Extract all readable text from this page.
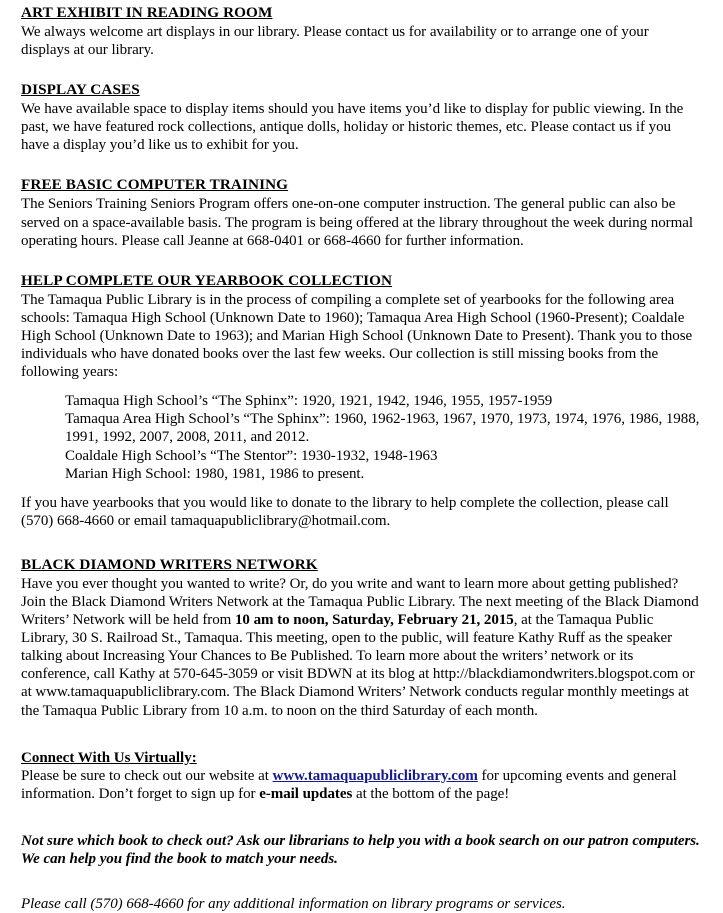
ART EXHIBIT IN READING ROOM

We always welcome art displays in our library. Please contact us for availability or to arrange one of your displays at our library.

DISPLAY CASES

We have available space to display items should you have items you’d like to display for public viewing. In the past, we have featured rock collections, antique dolls, holiday or historic themes, etc. Please contact us if you have a display you’d like us to exhibit for you.

FREE BASIC COMPUTER TRAINING

The Seniors Training Seniors Program offers one-on-one computer instruction. The general public can also be served on a space-available basis. The program is being offered at the library throughout the week during normal operating hours. Please call Jeanne at 668-0401 or 668-4660 for further information.

HELP COMPLETE OUR YEARBOOK COLLECTION

The Tamaqua Public Library is in the process of compiling a complete set of yearbooks for the following area schools: Tamaqua High School (Unknown Date to 1960); Tamaqua Area High School (1960-Present); Coaldale High School (Unknown Date to 1963); and Marian High School (Unknown Date to Present). Thank you to those individuals who have donated books over the last few weeks. Our collection is still missing books from the following years:

Tamaqua High School’s “The Sphinx”: 1920, 1921, 1942, 1946, 1955, 1957-1959

Tamaqua Area High School’s “The Sphinx”: 1960, 1962-1963, 1967, 1970, 1973, 1974, 1976, 1986, 1988, 1991, 1992, 2007, 2008, 2011, and 2012.

Coaldale High School’s “The Stentor”: 1930-1932, 1948-1963

Marian High School: 1980, 1981, 1986 to present.

If you have yearbooks that you would like to donate to the library to help complete the collection, please call (570) 668-4660 or email tamaquapubliclibrary@hotmail.com.

BLACK DIAMOND WRITERS NETWORK

Have you ever thought you wanted to write? Or, do you write and want to learn more about getting published? Join the Black Diamond Writers Network at the Tamaqua Public Library. The next meeting of the Black Diamond Writers’ Network will be held from 10 am to noon, Saturday, February 21, 2015, at the Tamaqua Public Library, 30 S. Railroad St., Tamaqua. This meeting, open to the public, will feature Kathy Ruff as the speaker talking about Increasing Your Chances to Be Published. To learn more about the writers’ network or its conference, call Kathy at 570-645-3059 or visit BDWN at its blog at http://blackdiamondwriters.blogspot.com or at www.tamaquapubliclibrary.com. The Black Diamond Writers’ Network conducts regular monthly meetings at the Tamaqua Public Library from 10 a.m. to noon on the third Saturday of each month.

Connect With Us Virtually:

Please be sure to check out our website at www.tamaquapubliclibrary.com for upcoming events and general information. Don’t forget to sign up for e-mail updates at the bottom of the page!

Not sure which book to check out? Ask our librarians to help you with a book search on our patron computers. We can help you find the book to match your needs.

Please call (570) 668-4660 for any additional information on library programs or services.
